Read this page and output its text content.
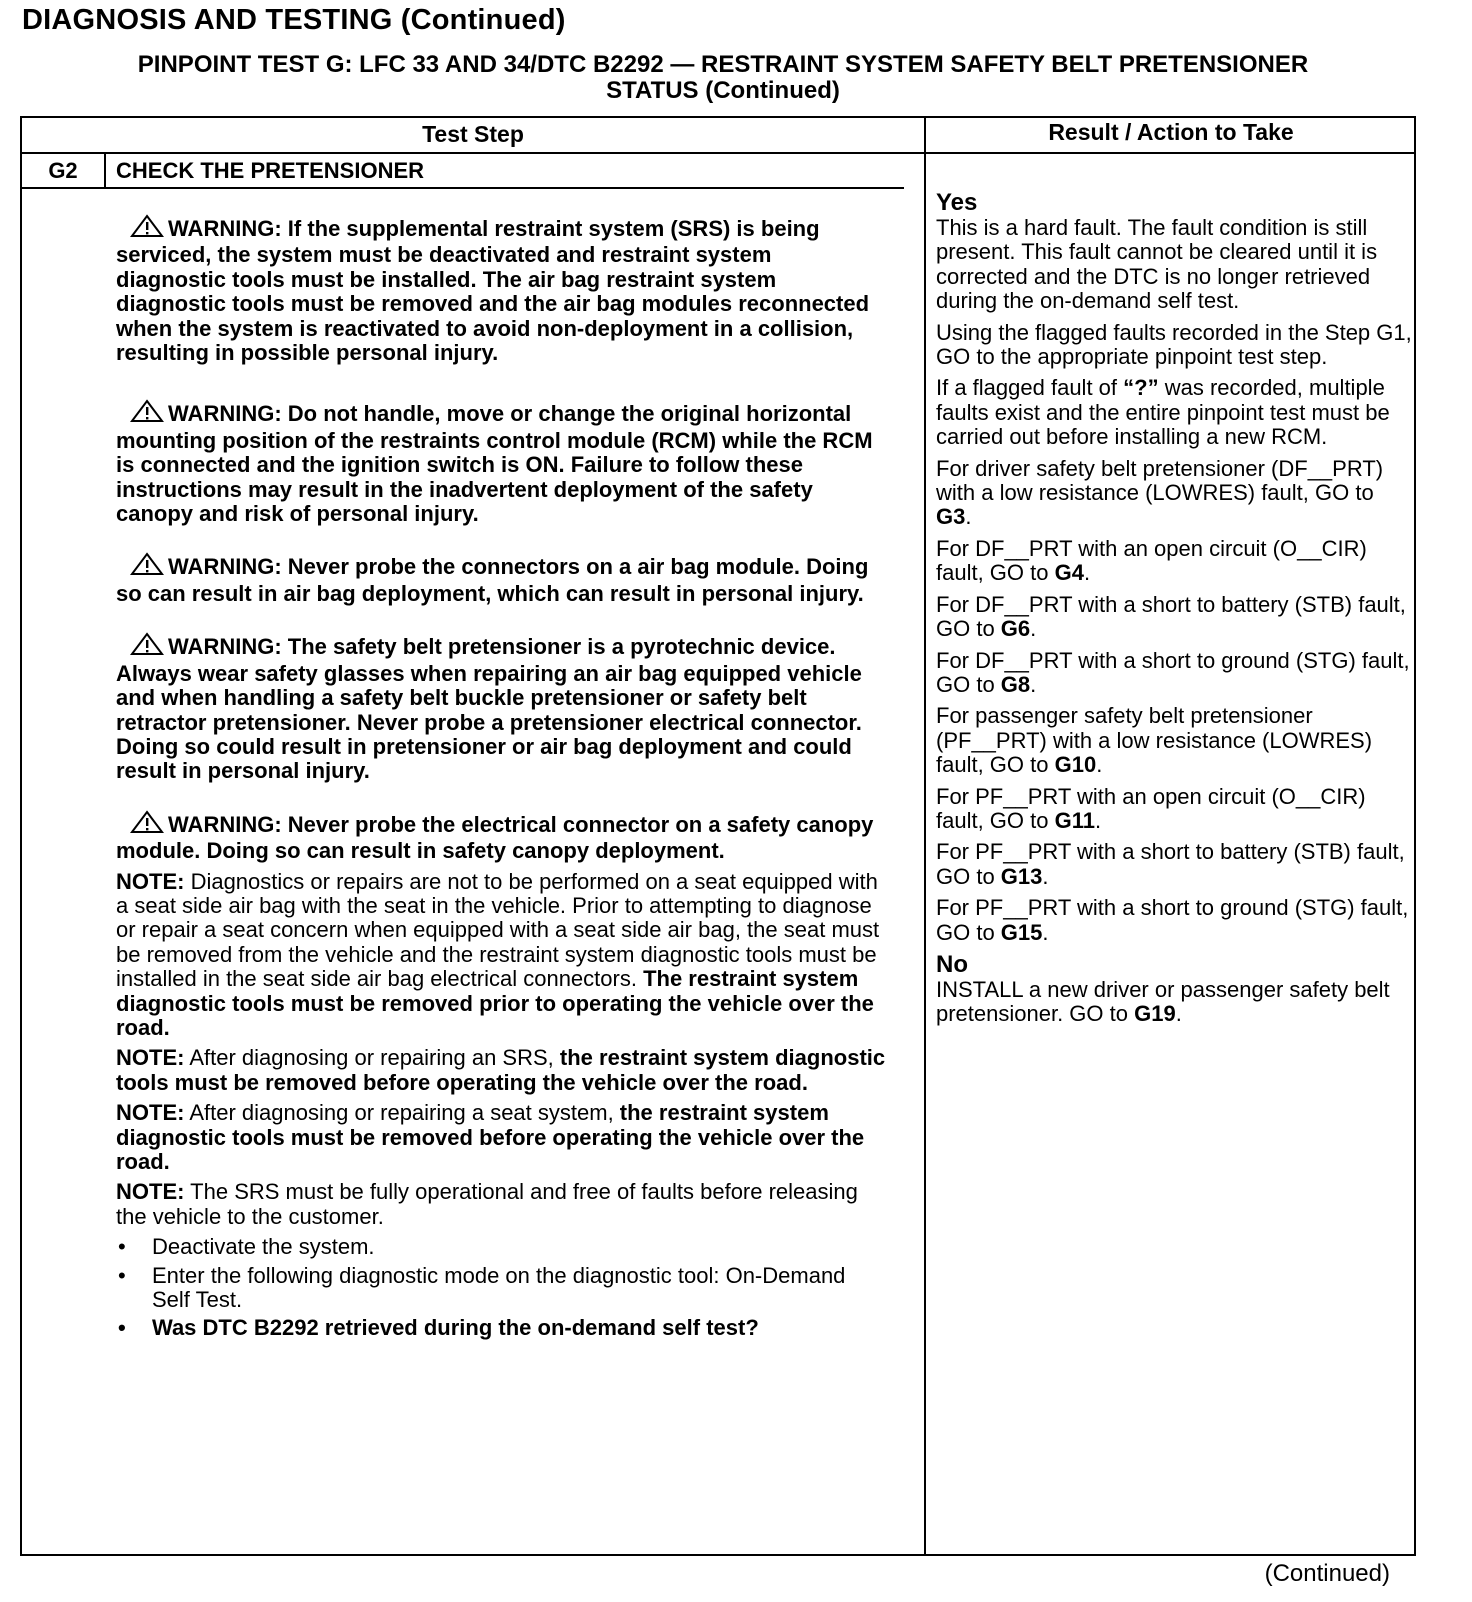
DIAGNOSIS AND TESTING (Continued)
PINPOINT TEST G: LFC 33 AND 34/DTC B2292 — RESTRAINT SYSTEM SAFETY BELT PRETENSIONER
STATUS (Continued)
Test Step	Result / Action to Take
G2	CHECK THE PRETENSIONER
WARNING: If the supplemental restraint system (SRS) is being serviced, the system must be deactivated and restraint system diagnostic tools must be installed. The air bag restraint system diagnostic tools must be removed and the air bag modules reconnected when the system is reactivated to avoid non-deployment in a collision, resulting in possible personal injury.
WARNING: Do not handle, move or change the original horizontal mounting position of the restraints control module (RCM) while the RCM is connected and the ignition switch is ON. Failure to follow these instructions may result in the inadvertent deployment of the safety canopy and risk of personal injury.
WARNING: Never probe the connectors on a air bag module. Doing so can result in air bag deployment, which can result in personal injury.
WARNING: The safety belt pretensioner is a pyrotechnic device. Always wear safety glasses when repairing an air bag equipped vehicle and when handling a safety belt buckle pretensioner or safety belt retractor pretensioner. Never probe a pretensioner electrical connector. Doing so could result in pretensioner or air bag deployment and could result in personal injury.
WARNING: Never probe the electrical connector on a safety canopy module. Doing so can result in safety canopy deployment.
NOTE: Diagnostics or repairs are not to be performed on a seat equipped with a seat side air bag with the seat in the vehicle. Prior to attempting to diagnose or repair a seat concern when equipped with a seat side air bag, the seat must be removed from the vehicle and the restraint system diagnostic tools must be installed in the seat side air bag electrical connectors. The restraint system diagnostic tools must be removed prior to operating the vehicle over the road.
NOTE: After diagnosing or repairing an SRS, the restraint system diagnostic tools must be removed before operating the vehicle over the road.
NOTE: After diagnosing or repairing a seat system, the restraint system diagnostic tools must be removed before operating the vehicle over the road.
NOTE: The SRS must be fully operational and free of faults before releasing the vehicle to the customer.
• Deactivate the system.
• Enter the following diagnostic mode on the diagnostic tool: On-Demand Self Test.
• Was DTC B2292 retrieved during the on-demand self test?
Yes
This is a hard fault. The fault condition is still present. This fault cannot be cleared until it is corrected and the DTC is no longer retrieved during the on-demand self test.
Using the flagged faults recorded in the Step G1, GO to the appropriate pinpoint test step.
If a flagged fault of “?” was recorded, multiple faults exist and the entire pinpoint test must be carried out before installing a new RCM.
For driver safety belt pretensioner (DF__PRT) with a low resistance (LOWRES) fault, GO to G3.
For DF__PRT with an open circuit (O__CIR) fault, GO to G4.
For DF__PRT with a short to battery (STB) fault, GO to G6.
For DF__PRT with a short to ground (STG) fault, GO to G8.
For passenger safety belt pretensioner (PF__PRT) with a low resistance (LOWRES) fault, GO to G10.
For PF__PRT with an open circuit (O__CIR) fault, GO to G11.
For PF__PRT with a short to battery (STB) fault, GO to G13.
For PF__PRT with a short to ground (STG) fault, GO to G15.
No
INSTALL a new driver or passenger safety belt pretensioner. GO to G19.
(Continued)
